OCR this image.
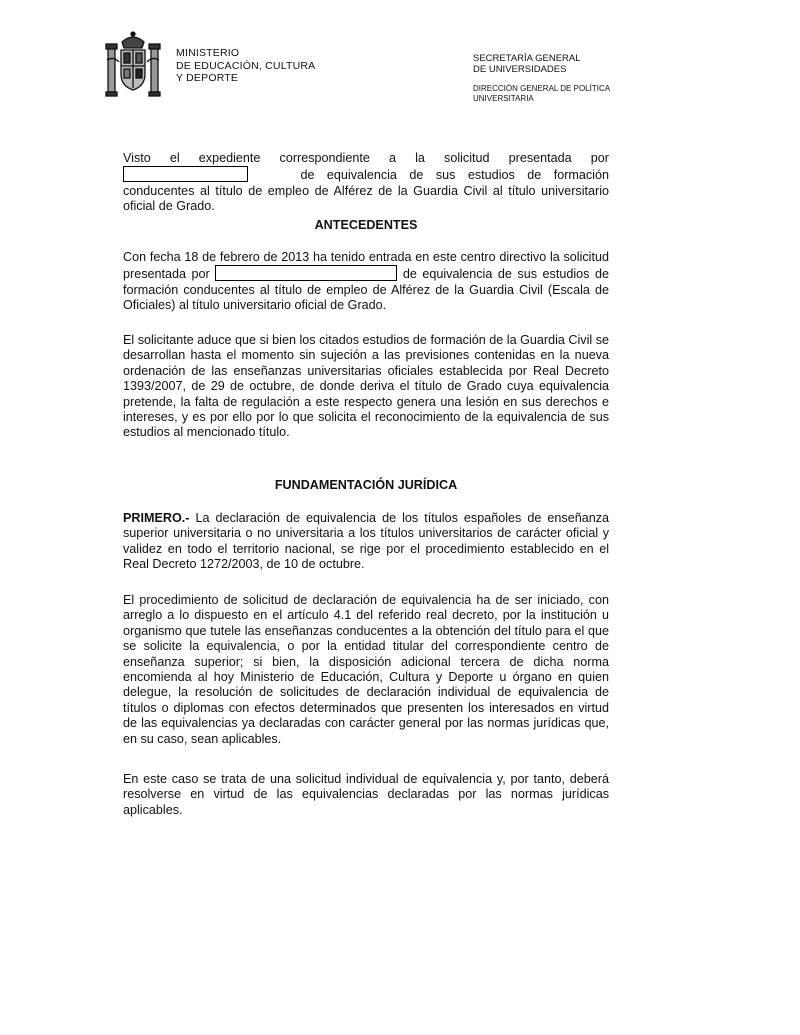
MINISTERIO
DE EDUCACIÓN, CULTURA
Y DEPORTE
SECRETARÍA GENERAL
DE UNIVERSIDADES
DIRECCIÓN GENERAL DE POLÍTICA
UNIVERSITARIA
Visto el expediente correspondiente a la solicitud presentada por de equivalencia de sus estudios de formación conducentes al título de empleo de Alférez de la Guardia Civil al título universitario oficial de Grado.
ANTECEDENTES
Con fecha 18 de febrero de 2013 ha tenido entrada en este centro directivo la solicitud presentada por	de equivalencia de sus estudios de formación conducentes al título de empleo de Alférez de la Guardia Civil (Escala de Oficiales) al título universitario oficial de Grado.
El solicitante aduce que si bien los citados estudios de formación de la Guardia Civil se desarrollan hasta el momento sin sujeción a las previsiones contenidas en la nueva ordenación de las enseñanzas universitarias oficiales establecida por Real Decreto 1393/2007, de 29 de octubre, de donde deriva el título de Grado cuya equivalencia pretende, la falta de regulación a este respecto genera una lesión en sus derechos e intereses, y es por ello por lo que solicita el reconocimiento de la equivalencia de sus estudios al mencionado título.
FUNDAMENTACIÓN JURÍDICA
PRIMERO.- La declaración de equivalencia de los títulos españoles de enseñanza superior universitaria o no universitaria a los títulos universitarios de carácter oficial y validez en todo el territorio nacional, se rige por el procedimiento establecido en el Real Decreto 1272/2003, de 10 de octubre.
El procedimiento de solicitud de declaración de equivalencia ha de ser iniciado, con arreglo a lo dispuesto en el artículo 4.1 del referido real decreto, por la institución u organismo que tutele las enseñanzas conducentes a la obtención del título para el que se solicite la equivalencia, o por la entidad titular del correspondiente centro de enseñanza superior; si bien, la disposición adicional tercera de dicha norma encomienda al hoy Ministerio de Educación, Cultura y Deporte u órgano en quien delegue, la resolución de solicitudes de declaración individual de equivalencia de títulos o diplomas con efectos determinados que presenten los interesados en virtud de las equivalencias ya declaradas con carácter general por las normas jurídicas que, en su caso, sean aplicables.
En este caso se trata de una solicitud individual de equivalencia y, por tanto, deberá resolverse en virtud de las equivalencias declaradas por las normas jurídicas aplicables.
